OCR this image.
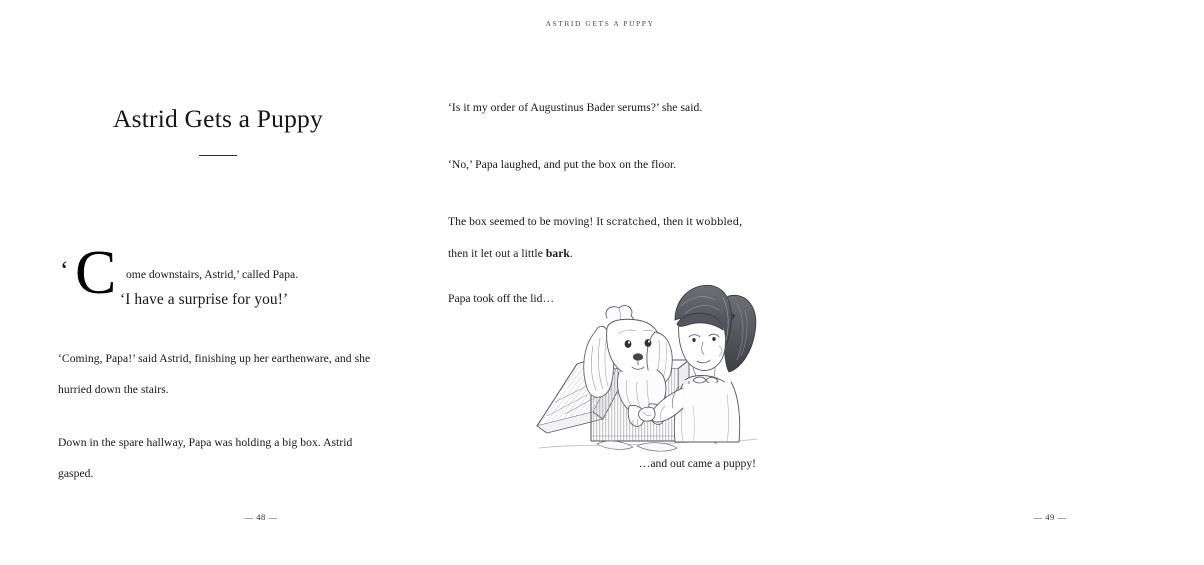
ASTRID GETS A PUPPY
Astrid Gets a Puppy
‘ C ome downstairs, Astrid,’ called Papa.
‘I have a surprise for you!’
‘Coming, Papa!’ said Astrid, finishing up her earthenware, and she hurried down the stairs.
Down in the spare hallway, Papa was holding a big box. Astrid gasped.
— 48 —
‘Is it my order of Augustinus Bader serums?’ she said.
‘No,’ Papa laughed, and put the box on the floor.
The box seemed to be moving! It scratched, then it wobbled, then it let out a little bark.
Papa took off the lid…
…and out came a puppy!
— 49 —
